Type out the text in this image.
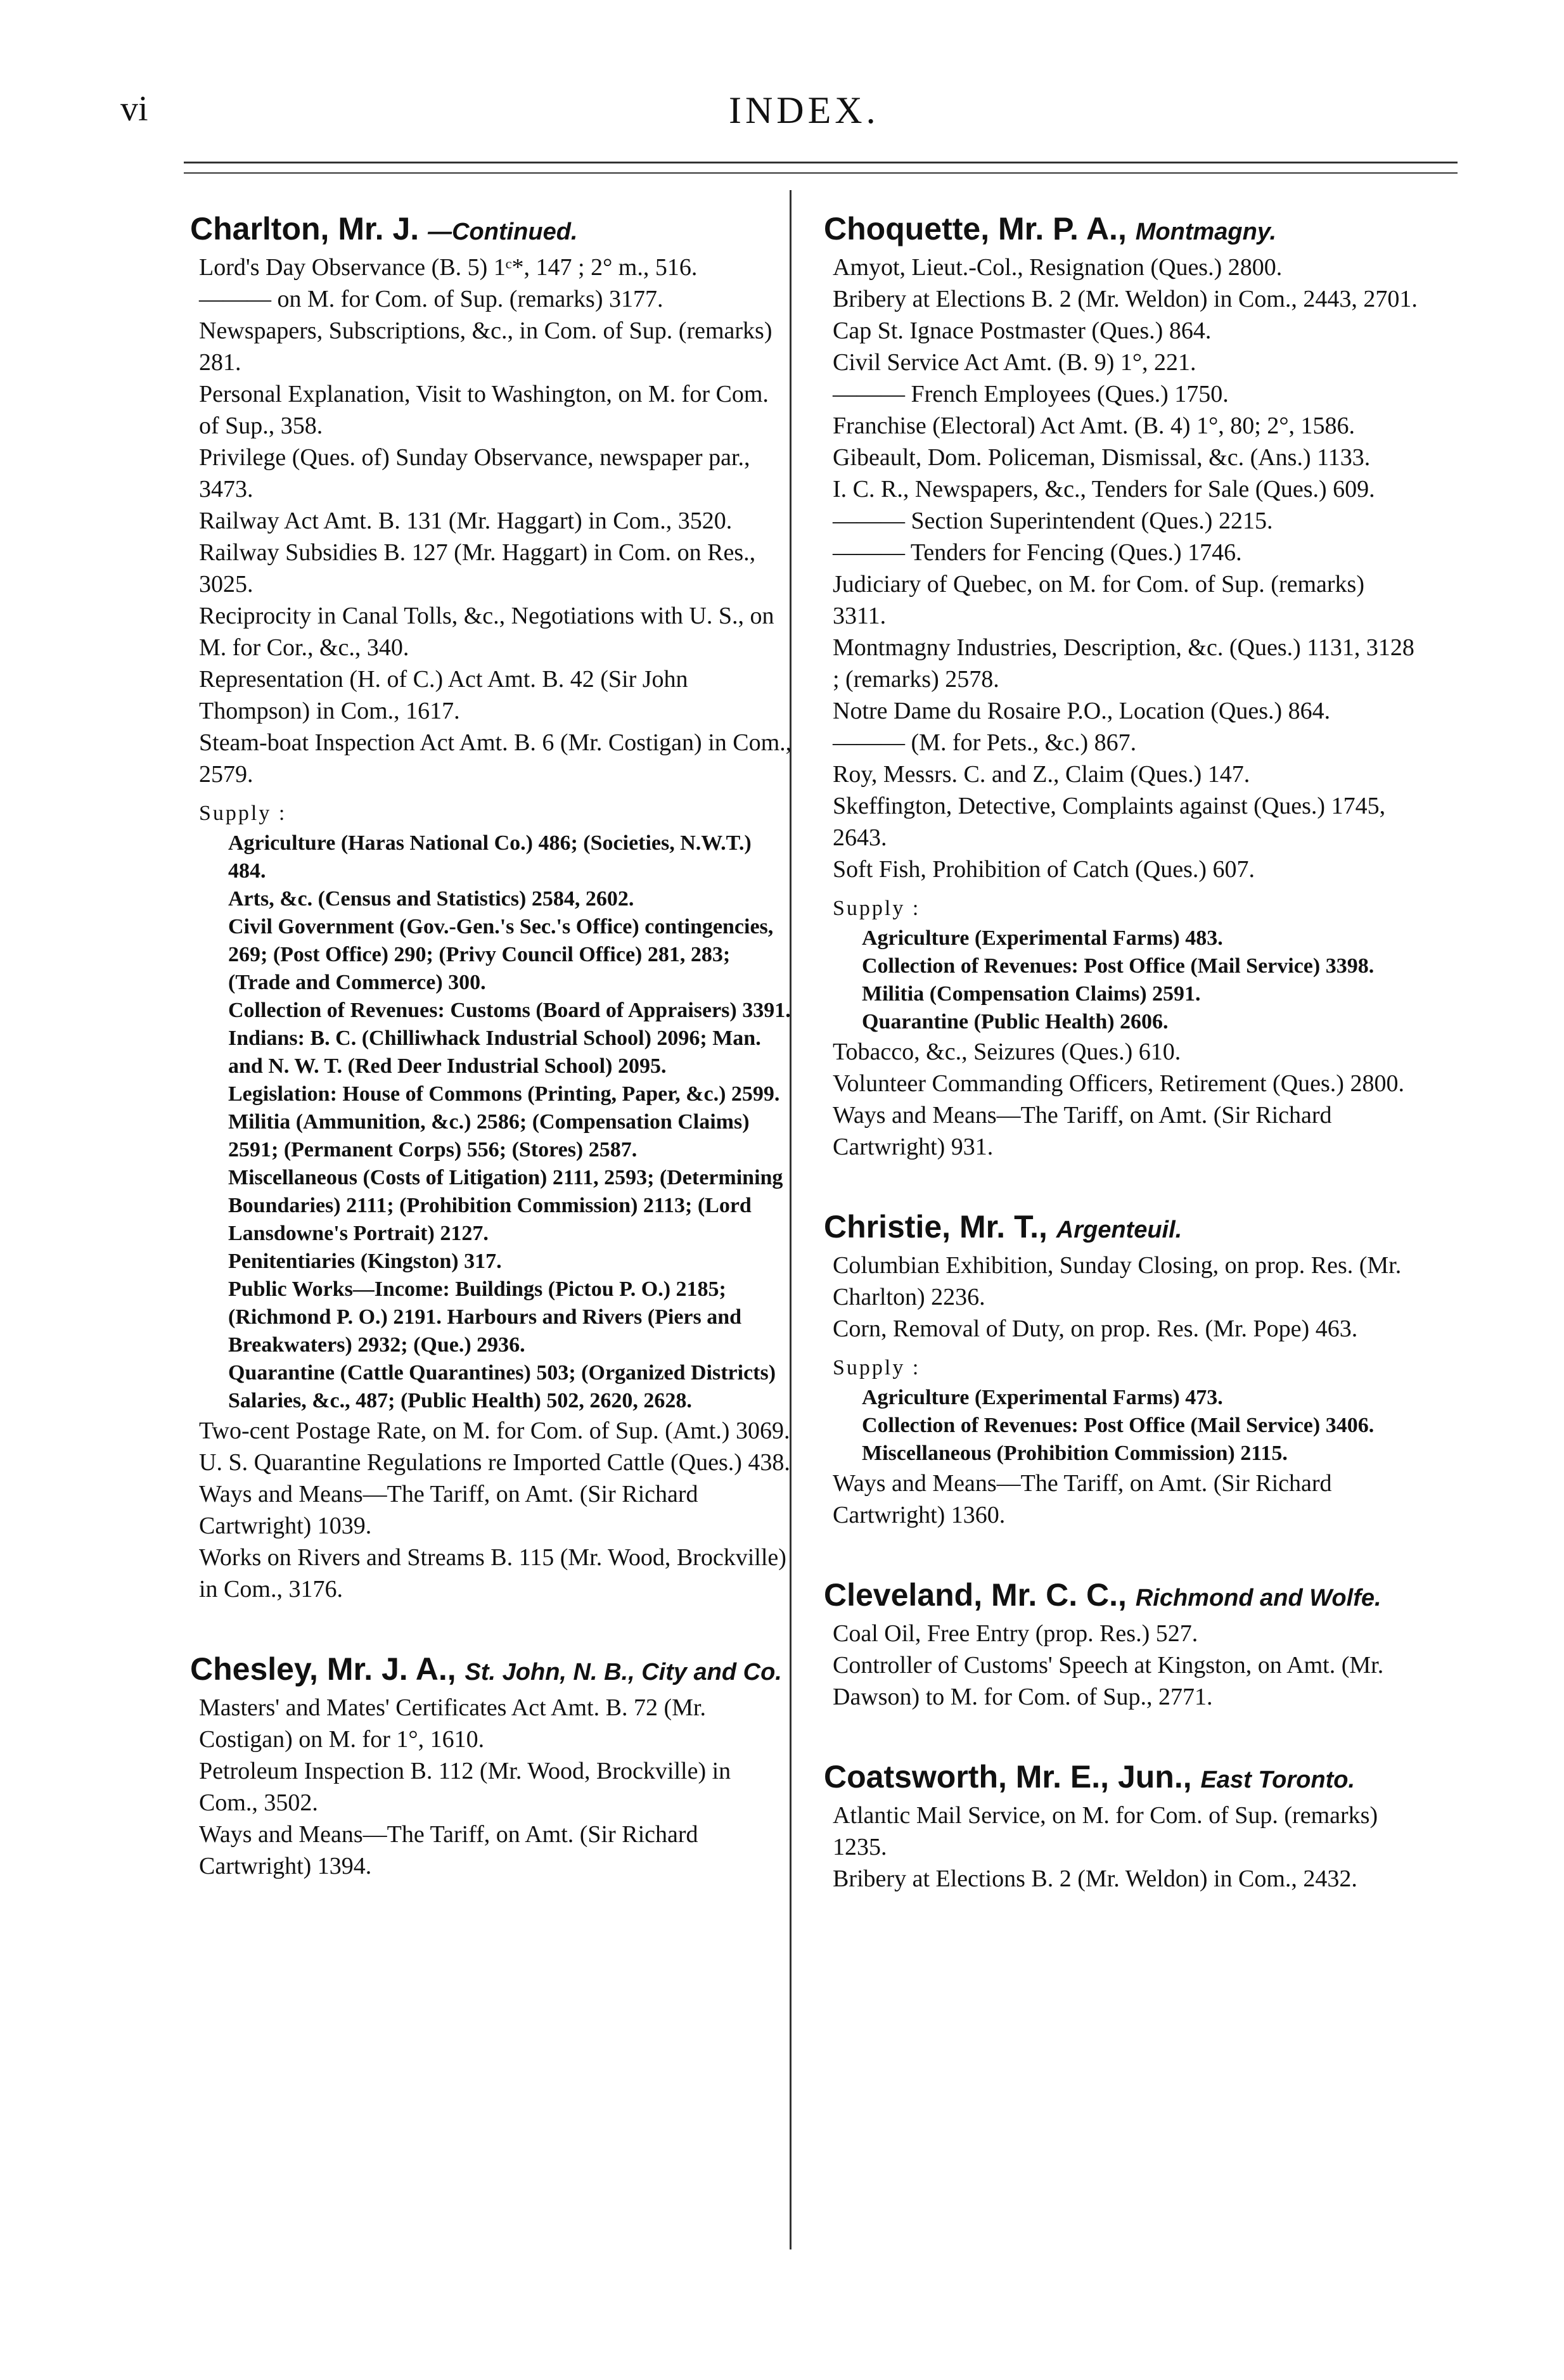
vi	INDEX.
Charlton, Mr. J. —Continued.
Lord's Day Observance (B. 5) 1ᶜ*, 147 ; 2° m., 516.
——— on M. for Com. of Sup. (remarks) 3177.
Newspapers, Subscriptions, &c., in Com. of Sup. (remarks) 281.
Personal Explanation, Visit to Washington, on M. for Com. of Sup., 358.
Privilege (Ques. of) Sunday Observance, newspaper par., 3473.
Railway Act Amt. B. 131 (Mr. Haggart) in Com., 3520.
Railway Subsidies B. 127 (Mr. Haggart) in Com. on Res., 3025.
Reciprocity in Canal Tolls, &c., Negotiations with U. S., on M. for Cor., &c., 340.
Representation (H. of C.) Act Amt. B. 42 (Sir John Thompson) in Com., 1617.
Steam-boat Inspection Act Amt. B. 6 (Mr. Costigan) in Com., 2579.
Supply :
Agriculture (Haras National Co.) 486; (Societies, N.W.T.) 484.
Arts, &c. (Census and Statistics) 2584, 2602.
Civil Government (Gov.-Gen.'s Sec.'s Office) contingencies, 269; (Post Office) 290; (Privy Council Office) 281, 283; (Trade and Commerce) 300.
Collection of Revenues: Customs (Board of Appraisers) 3391.
Indians: B. C. (Chilliwhack Industrial School) 2096; Man. and N. W. T. (Red Deer Industrial School) 2095.
Legislation: House of Commons (Printing, Paper, &c.) 2599.
Militia (Ammunition, &c.) 2586; (Compensation Claims) 2591; (Permanent Corps) 556; (Stores) 2587.
Miscellaneous (Costs of Litigation) 2111, 2593; (Determining Boundaries) 2111; (Prohibition Commission) 2113; (Lord Lansdowne's Portrait) 2127.
Penitentiaries (Kingston) 317.
Public Works—Income: Buildings (Pictou P. O.) 2185; (Richmond P. O.) 2191. Harbours and Rivers (Piers and Breakwaters) 2932; (Que.) 2936.
Quarantine (Cattle Quarantines) 503; (Organized Districts) Salaries, &c., 487; (Public Health) 502, 2620, 2628.
Two-cent Postage Rate, on M. for Com. of Sup. (Amt.) 3069.
U. S. Quarantine Regulations re Imported Cattle (Ques.) 438.
Ways and Means—The Tariff, on Amt. (Sir Richard Cartwright) 1039.
Works on Rivers and Streams B. 115 (Mr. Wood, Brockville) in Com., 3176.
Chesley, Mr. J. A., St. John, N. B., City and Co.
Masters' and Mates' Certificates Act Amt. B. 72 (Mr. Costigan) on M. for 1°, 1610.
Petroleum Inspection B. 112 (Mr. Wood, Brockville) in Com., 3502.
Ways and Means—The Tariff, on Amt. (Sir Richard Cartwright) 1394.
Choquette, Mr. P. A., Montmagny.
Amyot, Lieut.-Col., Resignation (Ques.) 2800.
Bribery at Elections B. 2 (Mr. Weldon) in Com., 2443, 2701.
Cap St. Ignace Postmaster (Ques.) 864.
Civil Service Act Amt. (B. 9) 1°, 221.
——— French Employees (Ques.) 1750.
Franchise (Electoral) Act Amt. (B. 4) 1°, 80; 2°, 1586.
Gibeault, Dom. Policeman, Dismissal, &c. (Ans.) 1133.
I. C. R., Newspapers, &c., Tenders for Sale (Ques.) 609.
——— Section Superintendent (Ques.) 2215.
——— Tenders for Fencing (Ques.) 1746.
Judiciary of Quebec, on M. for Com. of Sup. (remarks) 3311.
Montmagny Industries, Description, &c. (Ques.) 1131, 3128 ; (remarks) 2578.
Notre Dame du Rosaire P.O., Location (Ques.) 864.
——— (M. for Pets., &c.) 867.
Roy, Messrs. C. and Z., Claim (Ques.) 147.
Skeffington, Detective, Complaints against (Ques.) 1745, 2643.
Soft Fish, Prohibition of Catch (Ques.) 607.
Supply :
Agriculture (Experimental Farms) 483.
Collection of Revenues: Post Office (Mail Service) 3398.
Militia (Compensation Claims) 2591.
Quarantine (Public Health) 2606.
Tobacco, &c., Seizures (Ques.) 610.
Volunteer Commanding Officers, Retirement (Ques.) 2800.
Ways and Means—The Tariff, on Amt. (Sir Richard Cartwright) 931.
Christie, Mr. T., Argenteuil.
Columbian Exhibition, Sunday Closing, on prop. Res. (Mr. Charlton) 2236.
Corn, Removal of Duty, on prop. Res. (Mr. Pope) 463.
Supply :
Agriculture (Experimental Farms) 473.
Collection of Revenues: Post Office (Mail Service) 3406.
Miscellaneous (Prohibition Commission) 2115.
Ways and Means—The Tariff, on Amt. (Sir Richard Cartwright) 1360.
Cleveland, Mr. C. C., Richmond and Wolfe.
Coal Oil, Free Entry (prop. Res.) 527.
Controller of Customs' Speech at Kingston, on Amt. (Mr. Dawson) to M. for Com. of Sup., 2771.
Coatsworth, Mr. E., Jun., East Toronto.
Atlantic Mail Service, on M. for Com. of Sup. (remarks) 1235.
Bribery at Elections B. 2 (Mr. Weldon) in Com., 2432.
